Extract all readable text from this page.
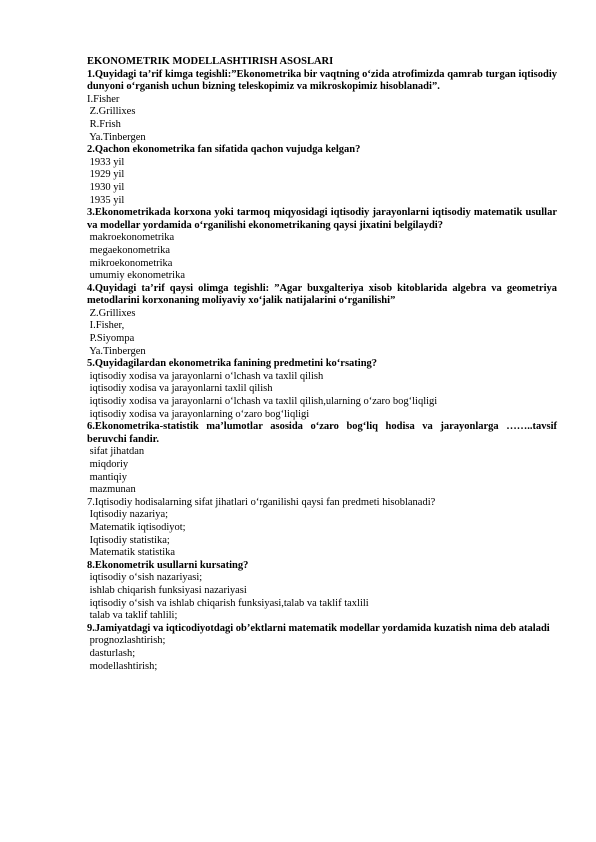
EKONOMETRIK MODELLASHTIRISH ASOSLARI

1.Quyidagi ta’rif kimga tegishli:”Ekonometrika bir vaqtning o‘zida atrofimizda qamrab turgan iqtisodiy dunyoni o‘rganish uchun bizning teleskopimiz va mikroskopimiz hisoblanadi”.

I.Fisher

Z.Grillixes

R.Frish

Ya.Tinbergen

2.Qachon ekonometrika fan sifatida qachon vujudga kelgan?

1933 yil

1929 yil

1930 yil

1935 yil

3.Ekonometrikada korxona yoki tarmoq miqyosidagi iqtisodiy jarayonlarni iqtisodiy matematik usullar va modellar yordamida o‘rganilishi ekonometrikaning qaysi jixatini belgilaydi?

makroekonometrika

megaekonometrika

mikroekonometrika

umumiy ekonometrika

4.Quyidagi ta’rif qaysi olimga tegishli: ”Agar buxgalteriya xisob kitoblarida algebra va geometriya metodlarini korxonaning moliyaviy xo‘jalik natijalarini o‘rganilishi”

Z.Grillixes

I.Fisher,

P.Siyompa

Ya.Tinbergen

5.Quyidagilardan ekonometrika fanining predmetini ko‘rsating?

iqtisodiy xodisa va jarayonlarni o‘lchash va taxlil qilish

iqtisodiy xodisa va jarayonlarni taxlil qilish

iqtisodiy xodisa va jarayonlarni o‘lchash va taxlil qilish,ularning o‘zaro bog‘liqligi

iqtisodiy xodisa va jarayonlarning o‘zaro bog‘liqligi

6.Ekonometrika-statistik ma’lumotlar asosida o‘zaro bog‘liq hodisa va jarayonlarga ……..tavsif beruvchi fandir.

sifat jihatdan

miqdoriy

mantiqiy

mazmunan

7.Iqtisodiy hodisalarning sifat jihatlari o‘rganilishi qaysi fan predmeti hisoblanadi?

Iqtisodiy nazariya;

Matematik iqtisodiyot;

Iqtisodiy statistika;

Matematik statistika

8.Ekonometrik usullarni kursating?

iqtisodiy o‘sish nazariyasi;

ishlab chiqarish funksiyasi nazariyasi

iqtisodiy o‘sish va ishlab chiqarish funksiyasi,talab va taklif taxlili

talab va taklif tahlili;

9.Jamiyatdagi va iqticodiyotdagi ob’ektlarni matematik modellar yordamida kuzatish nima deb ataladi

prognozlashtirish;

dasturlash;

modellashtirish;
